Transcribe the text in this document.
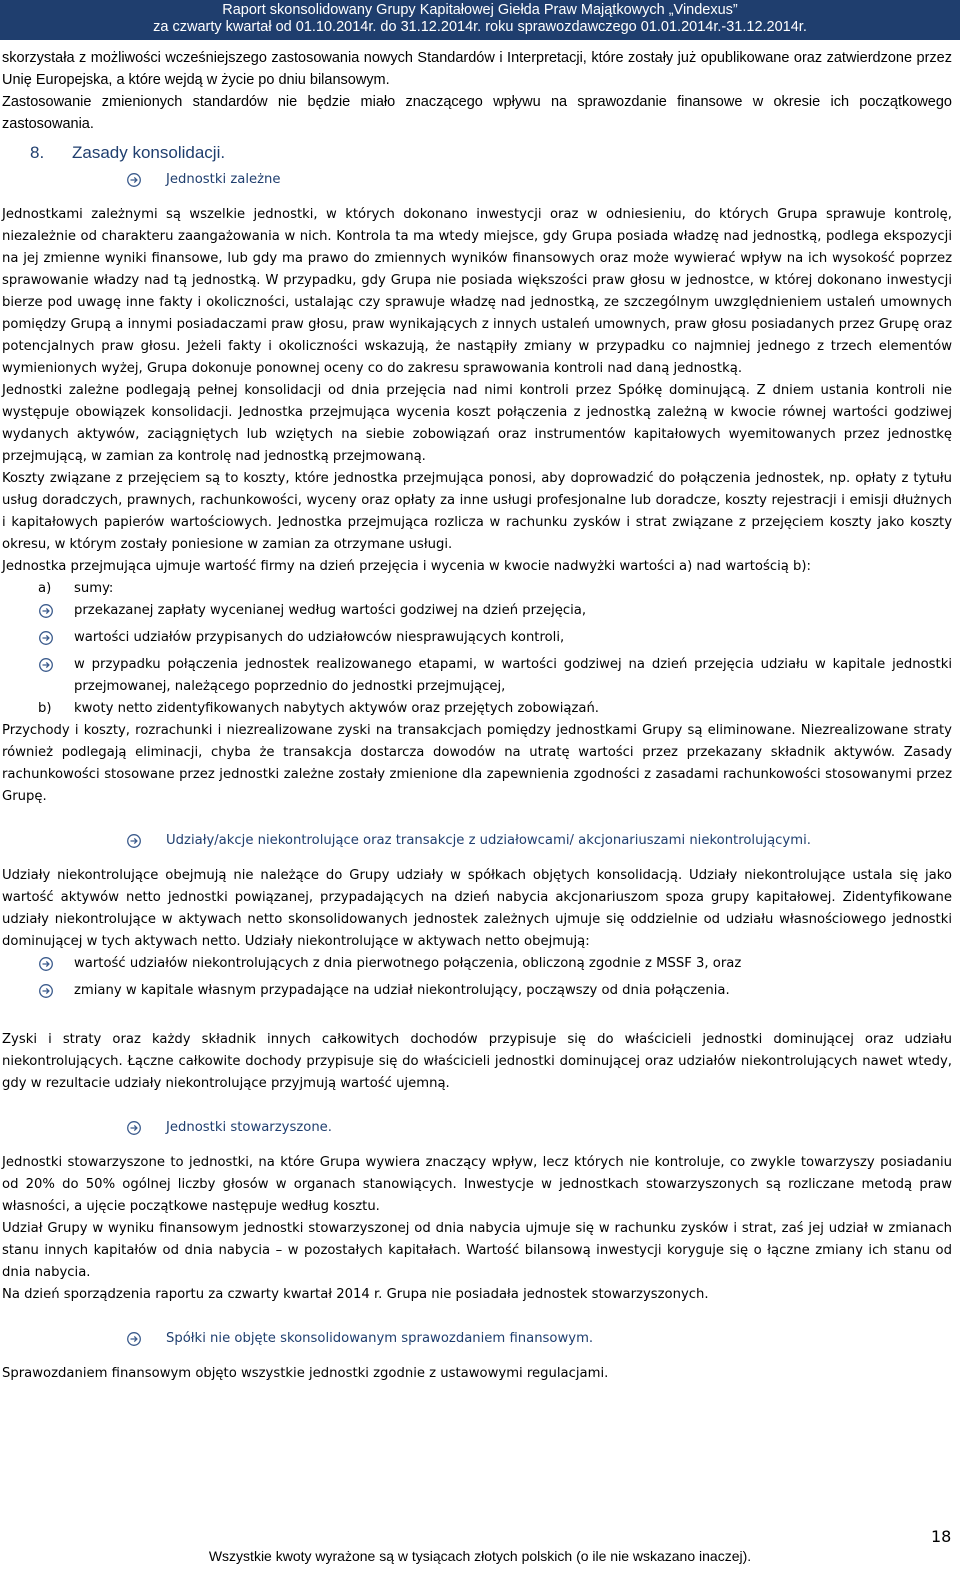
Raport skonsolidowany Grupy Kapitałowej Giełda Praw Majątkowych „Vindexus”
za czwarty kwartał od 01.10.2014r. do 31.12.2014r. roku sprawozdawczego 01.01.2014r.-31.12.2014r.

skorzystała z możliwości wcześniejszego zastosowania nowych Standardów i Interpretacji, które zostały już opublikowane oraz zatwierdzone przez Unię Europejska, a które wejdą w życie po dniu bilansowym.

Zastosowanie zmienionych standardów nie będzie miało znaczącego wpływu na sprawozdanie finansowe w okresie ich początkowego zastosowania.

8. Zasady konsolidacji.
Jednostki zależne

Jednostkami zależnymi są wszelkie jednostki, w których dokonano inwestycji oraz w odniesieniu, do których Grupa sprawuje kontrolę, niezależnie od charakteru zaangażowania w nich. Kontrola ta ma wtedy miejsce, gdy Grupa posiada władzę nad jednostką, podlega ekspozycji na jej zmienne wyniki finansowe, lub gdy ma prawo do zmiennych wyników finansowych oraz może wywierać wpływ na ich wysokość poprzez sprawowanie władzy nad tą jednostką. W przypadku, gdy Grupa nie posiada większości praw głosu w jednostce, w której dokonano inwestycji bierze pod uwagę inne fakty i okoliczności, ustalając czy sprawuje władzę nad jednostką, ze szczególnym uwzględnieniem ustaleń umownych pomiędzy Grupą a innymi posiadaczami praw głosu, praw wynikających z innych ustaleń umownych, praw głosu posiadanych przez Grupę oraz potencjalnych praw głosu. Jeżeli fakty i okoliczności wskazują, że nastąpiły zmiany w przypadku co najmniej jednego z trzech elementów wymienionych wyżej, Grupa dokonuje ponownej oceny co do zakresu sprawowania kontroli nad daną jednostką.

Jednostki zależne podlegają pełnej konsolidacji od dnia przejęcia nad nimi kontroli przez Spółkę dominującą. Z dniem ustania kontroli nie występuje obowiązek konsolidacji. Jednostka przejmująca wycenia koszt połączenia z jednostką zależną w kwocie równej wartości godziwej wydanych aktywów, zaciągniętych lub wziętych na siebie zobowiązań oraz instrumentów kapitałowych wyemitowanych przez jednostkę przejmującą, w zamian za kontrolę nad jednostką przejmowaną.

Koszty związane z przejęciem są to koszty, które jednostka przejmująca ponosi, aby doprowadzić do połączenia jednostek, np. opłaty z tytułu usług doradczych, prawnych, rachunkowości, wyceny oraz opłaty za inne usługi profesjonalne lub doradcze, koszty rejestracji i emisji dłużnych i kapitałowych papierów wartościowych. Jednostka przejmująca rozlicza w rachunku zysków i strat związane z przejęciem koszty jako koszty okresu, w którym zostały poniesione w zamian za otrzymane usługi.

Jednostka przejmująca ujmuje wartość firmy na dzień przejęcia i wycenia w kwocie nadwyżki wartości a) nad wartością b):

a)	sumy:
przekazanej zapłaty wycenianej według wartości godziwej na dzień przejęcia,
wartości udziałów przypisanych do udziałowców niesprawujących kontroli,
w przypadku połączenia jednostek realizowanego etapami, w wartości godziwej na dzień przejęcia udziału w kapitale jednostki przejmowanej, należącego poprzednio do jednostki przejmującej,
b)	kwoty netto zidentyfikowanych nabytych aktywów oraz przejętych zobowiązań.

Przychody i koszty, rozrachunki i niezrealizowane zyski na transakcjach pomiędzy jednostkami Grupy są eliminowane. Niezrealizowane straty również podlegają eliminacji, chyba że transakcja dostarcza dowodów na utratę wartości przez przekazany składnik aktywów. Zasady rachunkowości stosowane przez jednostki zależne zostały zmienione dla zapewnienia zgodności z zasadami rachunkowości stosowanymi przez Grupę.

Udziały/akcje niekontrolujące oraz transakcje z udziałowcami/ akcjonariuszami niekontrolującymi.

Udziały niekontrolujące obejmują nie należące do Grupy udziały w spółkach objętych konsolidacją. Udziały niekontrolujące ustala się jako wartość aktywów netto jednostki powiązanej, przypadających na dzień nabycia akcjonariuszom spoza grupy kapitałowej. Zidentyfikowane udziały niekontrolujące w aktywach netto skonsolidowanych jednostek zależnych ujmuje się oddzielnie od udziału własnościowego jednostki dominującej w tych aktywach netto. Udziały niekontrolujące w aktywach netto obejmują:

wartość udziałów niekontrolujących z dnia pierwotnego połączenia, obliczoną zgodnie z MSSF 3, oraz
zmiany w kapitale własnym przypadające na udział niekontrolujący, począwszy od dnia połączenia.

Zyski i straty oraz każdy składnik innych całkowitych dochodów przypisuje się do właścicieli jednostki dominującej oraz udziału niekontrolujących. Łączne całkowite dochody przypisuje się do właścicieli jednostki dominującej oraz udziałów niekontrolujących nawet wtedy, gdy w rezultacie udziały niekontrolujące przyjmują wartość ujemną.

Jednostki stowarzyszone.

Jednostki stowarzyszone to jednostki, na które Grupa wywiera znaczący wpływ, lecz których nie kontroluje, co zwykle towarzyszy posiadaniu od 20% do 50% ogólnej liczby głosów w organach stanowiących. Inwestycje w jednostkach stowarzyszonych są rozliczane metodą praw własności, a ujęcie początkowe następuje według kosztu.

Udział Grupy w wyniku finansowym jednostki stowarzyszonej od dnia nabycia ujmuje się w rachunku zysków i strat, zaś jej udział w zmianach stanu innych kapitałów od dnia nabycia – w pozostałych kapitałach. Wartość bilansową inwestycji koryguje się o łączne zmiany ich stanu od dnia nabycia.

Na dzień sporządzenia raportu za czwarty kwartał 2014 r. Grupa nie posiadała jednostek stowarzyszonych.

Spółki nie objęte skonsolidowanym sprawozdaniem finansowym.

Sprawozdaniem finansowym objęto wszystkie jednostki zgodnie z ustawowymi regulacjami.

18
Wszystkie kwoty wyrażone są w tysiącach złotych polskich (o ile nie wskazano inaczej).
